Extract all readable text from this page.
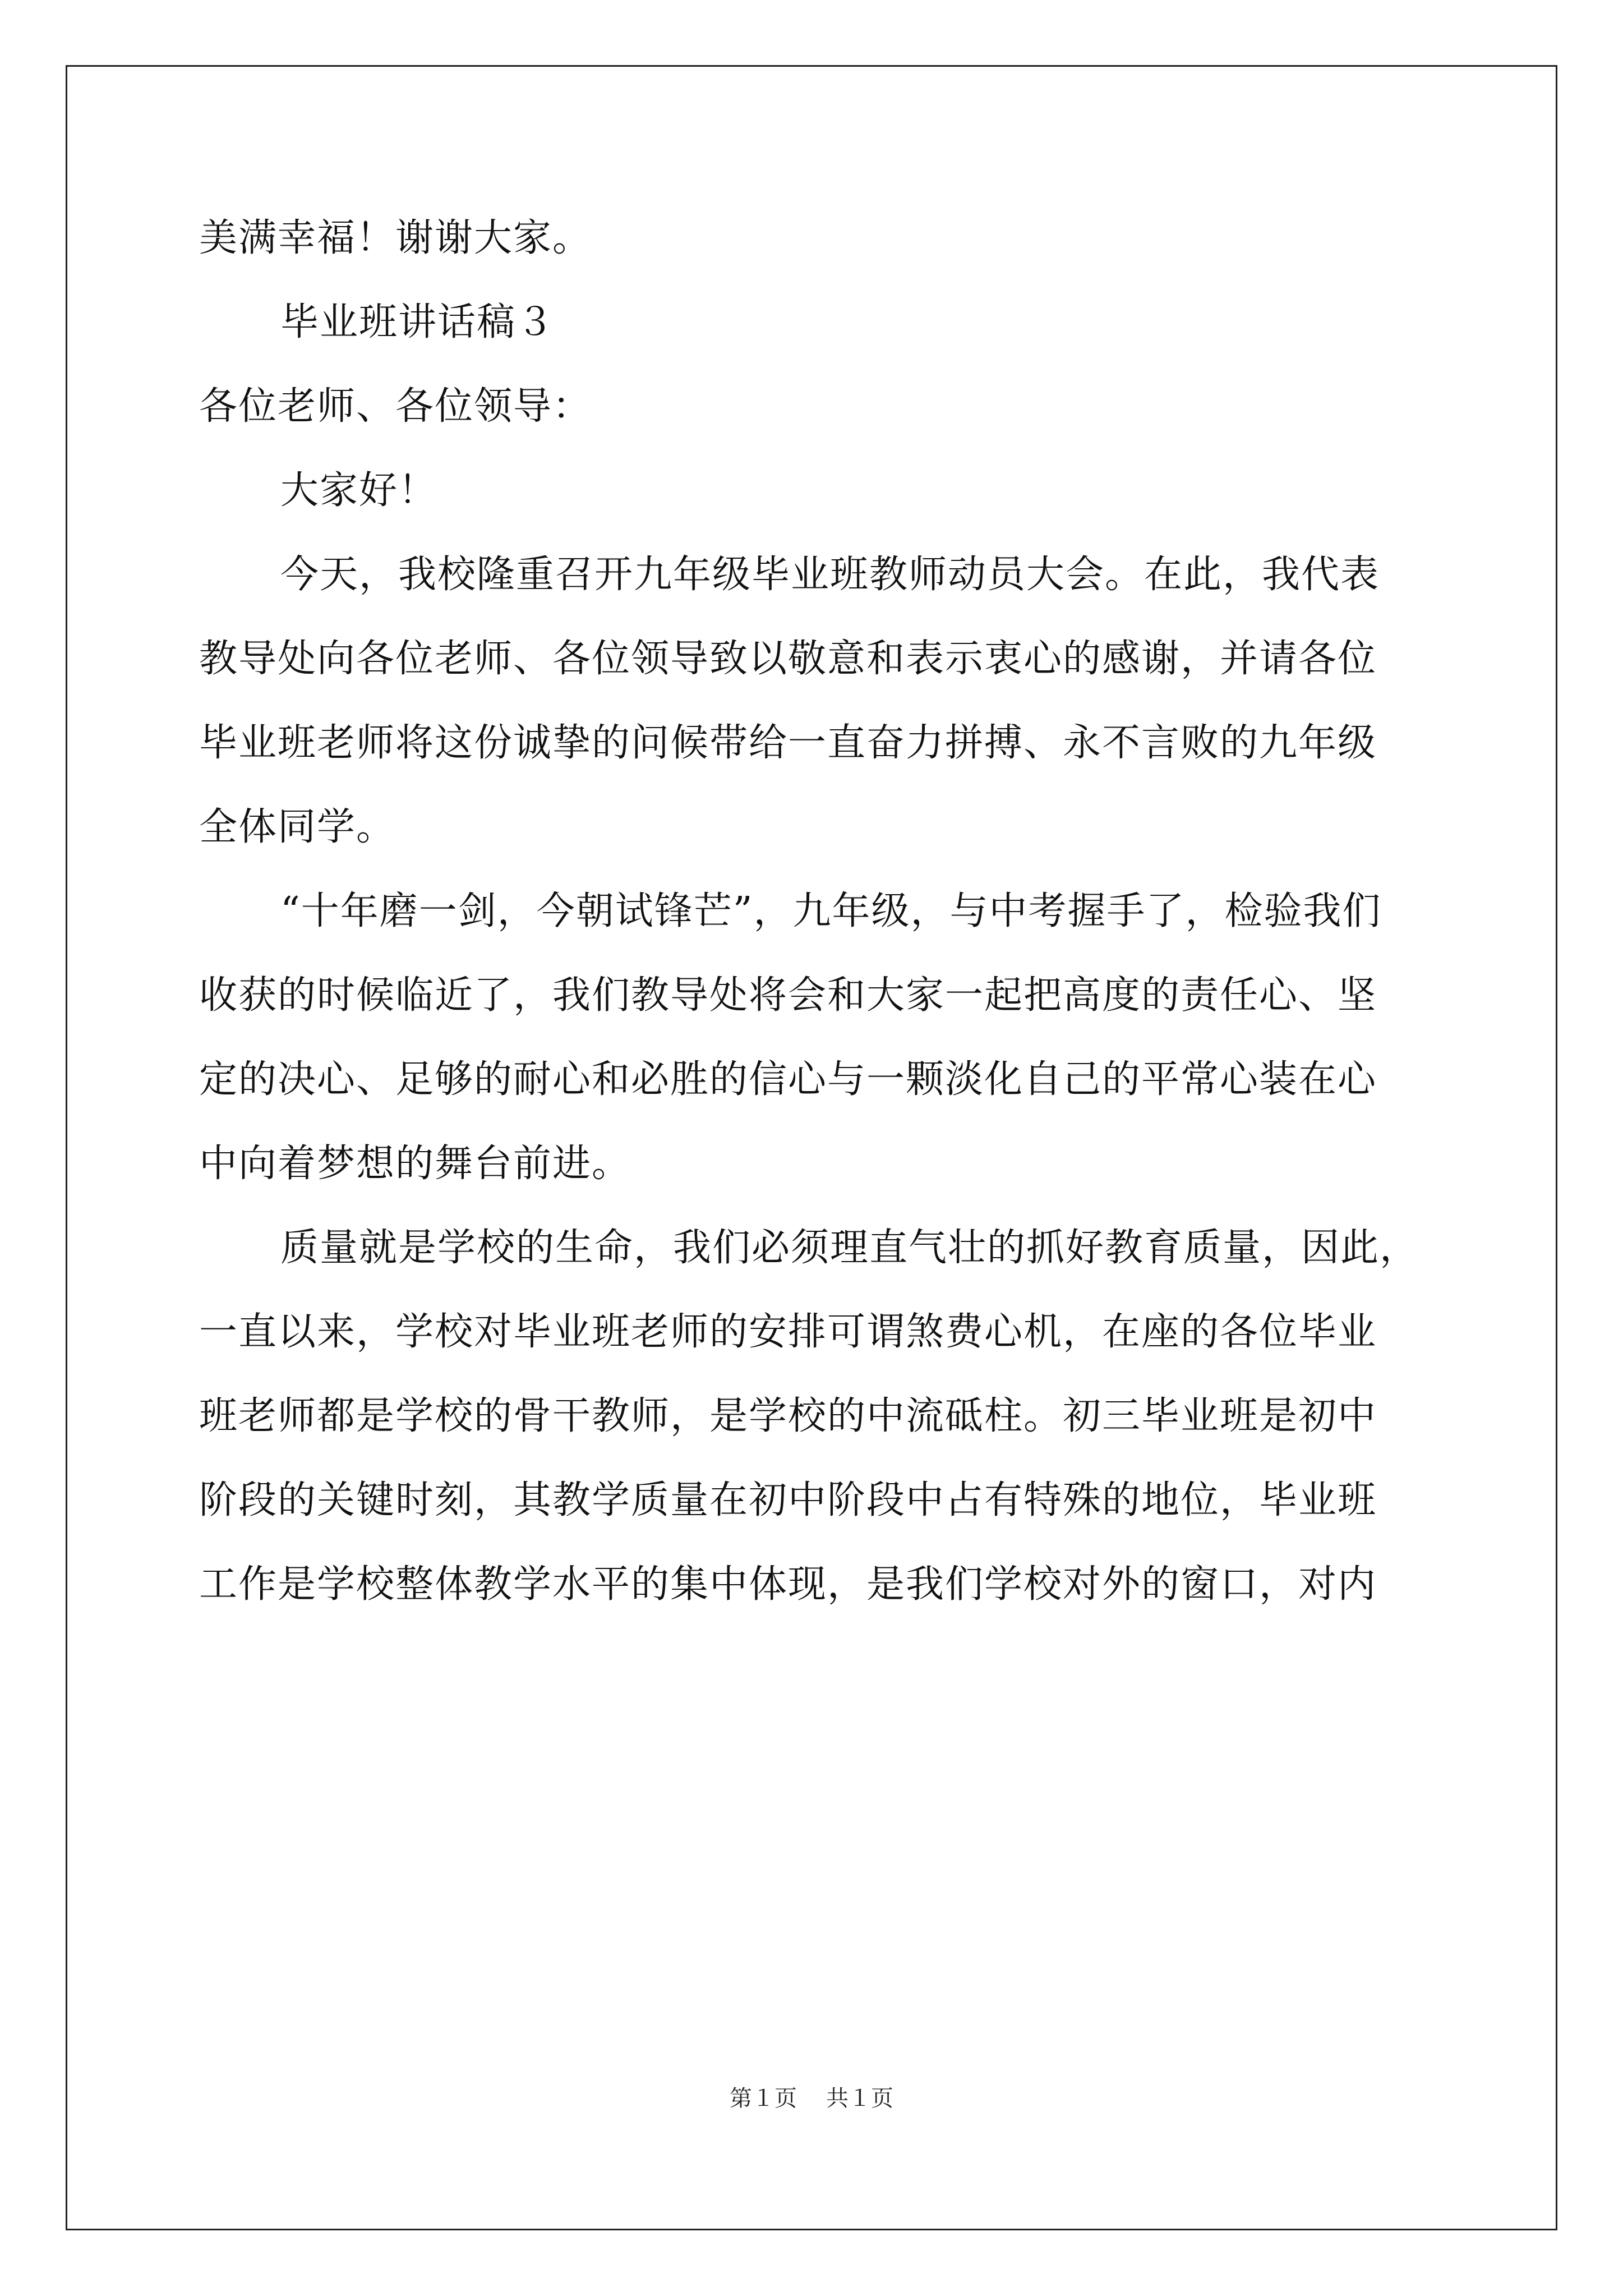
美满幸福！谢谢大家。
毕业班讲话稿３
各位老师、各位领导：
大家好！
今天，我校隆重召开九年级毕业班教师动员大会。在此，我代表
教导处向各位老师、各位领导致以敬意和表示衷心的感谢，并请各位
毕业班老师将这份诚挚的问候带给一直奋力拼搏、永不言败的九年级
全体同学。
“十年磨一剑，今朝试锋芒”，九年级，与中考握手了，检验我们
收获的时候临近了，我们教导处将会和大家一起把高度的责任心、坚
定的决心、足够的耐心和必胜的信心与一颗淡化自己的平常心装在心
中向着梦想的舞台前进。
质量就是学校的生命，我们必须理直气壮的抓好教育质量，因此，
一直以来，学校对毕业班老师的安排可谓煞费心机，在座的各位毕业
班老师都是学校的骨干教师，是学校的中流砥柱。初三毕业班是初中
阶段的关键时刻，其教学质量在初中阶段中占有特殊的地位，毕业班
工作是学校整体教学水平的集中体现，是我们学校对外的窗口，对内
第１页 共１页
